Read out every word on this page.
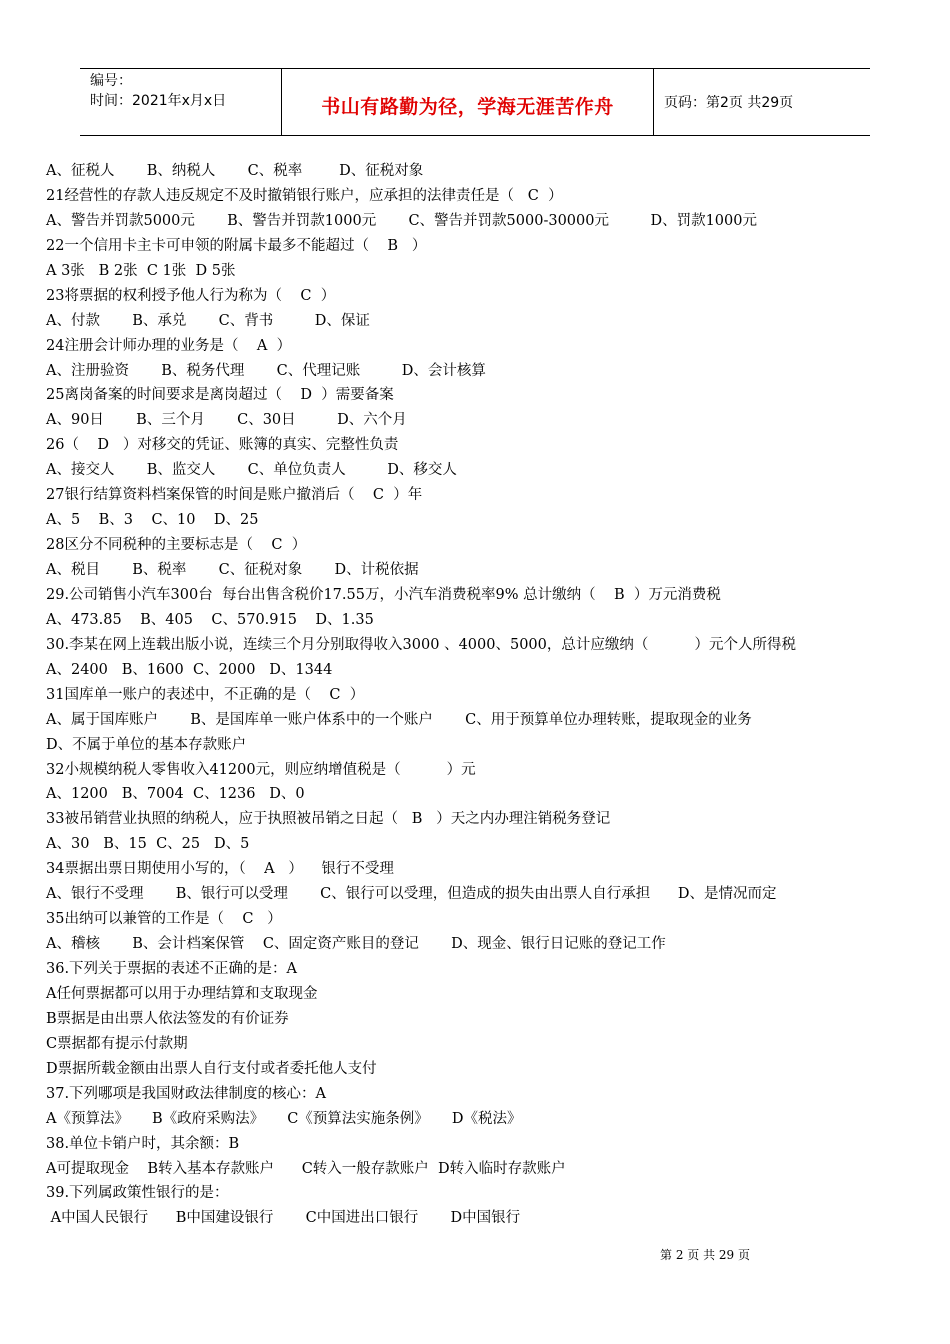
编号：
时间：2021年x月x日	书山有路勤为径，学海无涯苦作舟	页码：第2页 共29页
A、征税人       B、纳税人       C、税率        D、征税对象
21经营性的存款人违反规定不及时撤销银行账户，应承担的法律责任是（   C  ）
A、警告并罚款5000元       B、警告并罚款1000元       C、警告并罚款5000-30000元         D、罚款1000元
22一个信用卡主卡可申领的附属卡最多不能超过（    B   ）
A 3张   B 2张  C 1张  D 5张
23将票据的权利授予他人行为称为（    C  ）
A、付款       B、承兑       C、背书         D、保证
24注册会计师办理的业务是（    A  ）
A、注册验资       B、税务代理       C、代理记账         D、会计核算
25离岗备案的时间要求是离岗超过（    D  ）需要备案
A、90日       B、三个月       C、30日         D、六个月
26（    D   ）对移交的凭证、账簿的真实、完整性负责
A、接交人       B、监交人       C、单位负责人         D、移交人
27银行结算资料档案保管的时间是账户撤消后（    C  ）年
A、5    B、3    C、10    D、25
28区分不同税种的主要标志是（    C  ）
A、税目       B、税率       C、征税对象       D、计税依据
29.公司销售小汽车300台  每台出售含税价17.55万，小汽车消费税率9% 总计缴纳（    B  ）万元消费税
A、473.85    B、405    C、570.915    D、1.35
30.李某在网上连载出版小说，连续三个月分别取得收入3000 、4000、5000，总计应缴纳（          ）元个人所得税
A、2400   B、1600  C、2000   D、1344
31国库单一账户的表述中，不正确的是（    C  ）
A、属于国库账户       B、是国库单一账户体系中的一个账户       C、用于预算单位办理转账，提取现金的业务
D、不属于单位的基本存款账户
32小规模纳税人零售收入41200元，则应纳增值税是（          ）元
A、1200   B、7004  C、1236   D、0
33被吊销营业执照的纳税人，应于执照被吊销之日起（   B   ）天之内办理注销税务登记
A、30   B、15  C、25   D、5
34票据出票日期使用小写的，（    A   ）    银行不受理
A、银行不受理       B、银行可以受理       C、银行可以受理，但造成的损失由出票人自行承担      D、是情况而定
35出纳可以兼管的工作是（    C   ）
A、稽核       B、会计档案保管    C、固定资产账目的登记       D、现金、银行日记账的登记工作
36.下列关于票据的表述不正确的是：A
A任何票据都可以用于办理结算和支取现金
B票据是由出票人依法签发的有价证券
C票据都有提示付款期
D票据所载金额由出票人自行支付或者委托他人支付
37.下列哪项是我国财政法律制度的核心：A
A《预算法》     B《政府采购法》     C《预算法实施条例》     D《税法》
38.单位卡销户时，其余额：B
A可提取现金    B转入基本存款账户      C转入一般存款账户  D转入临时存款账户
39.下列属政策性银行的是：
A中国人民银行      B中国建设银行       C中国进出口银行       D中国银行
第 2 页 共 29 页
